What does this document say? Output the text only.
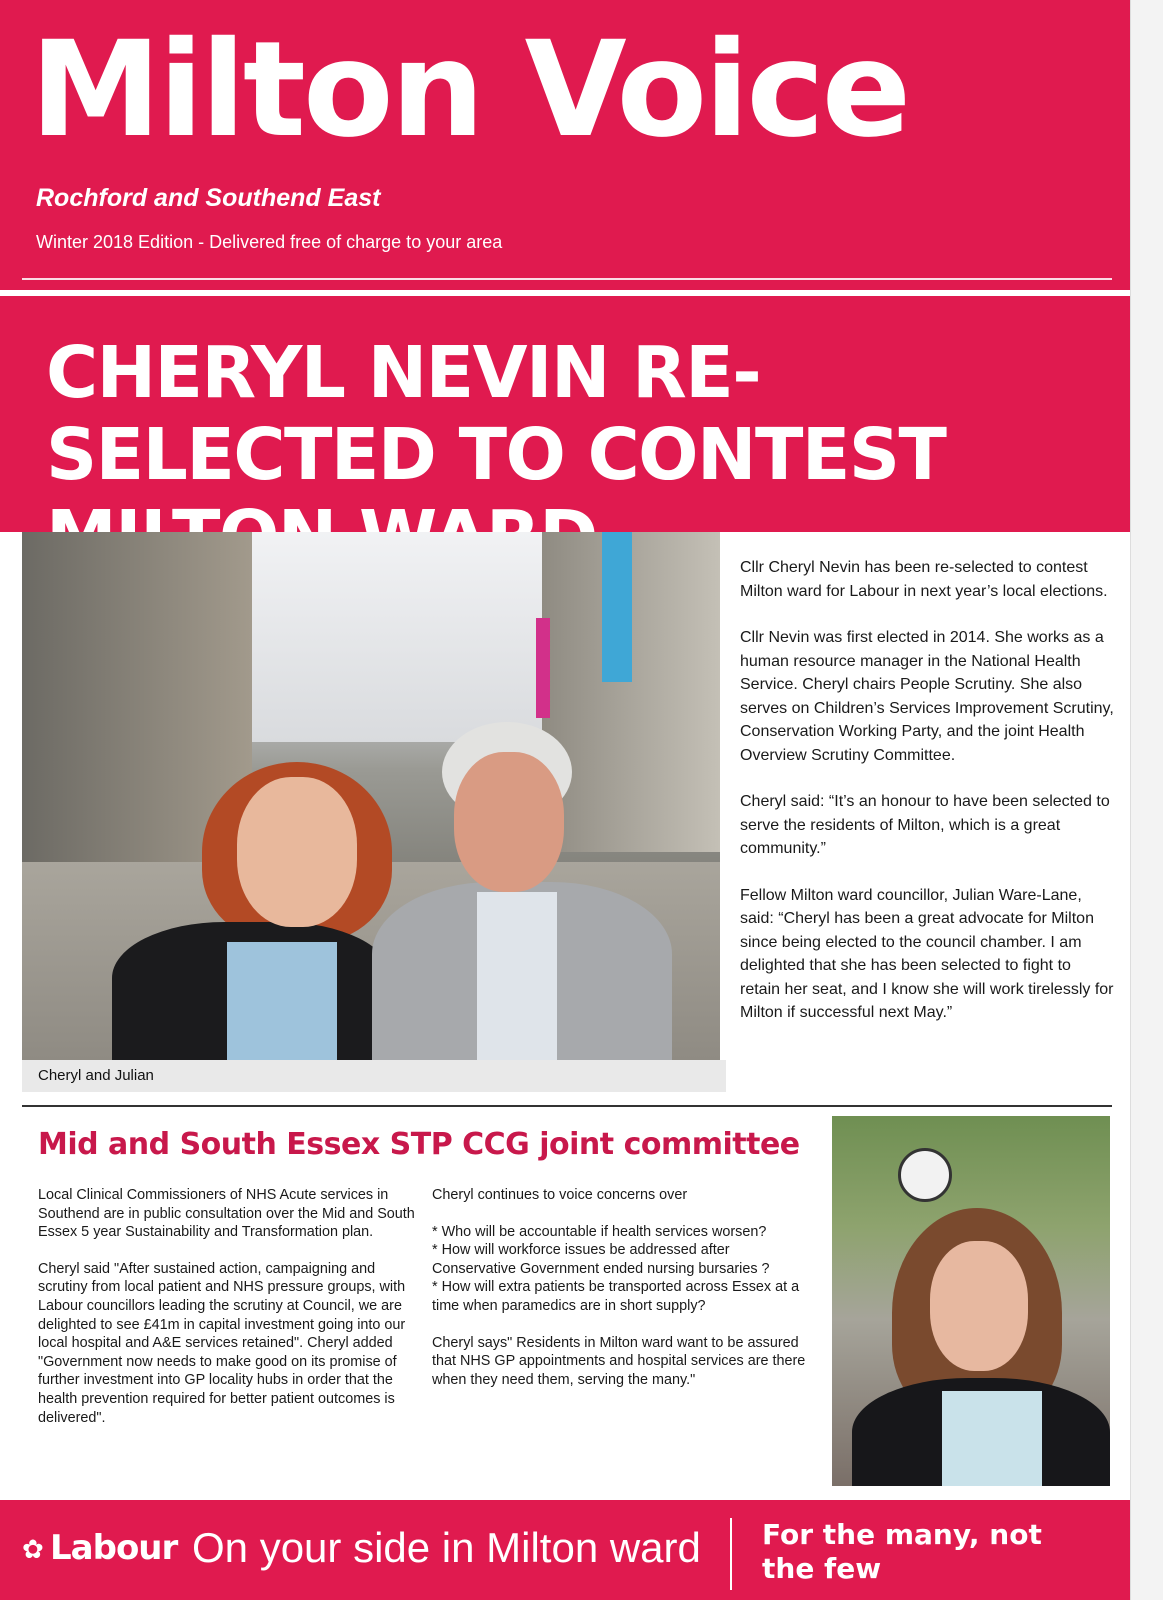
Milton Voice
Rochford and Southend East
Winter 2018 Edition - Delivered free of charge to your area
CHERYL NEVIN RE-SELECTED TO CONTEST
Cheryl and Julian

Cllr Cheryl Nevin has been re-selected to contest Milton ward for Labour in next year’s local elections.

Cllr Nevin was first elected in 2014. She works as a human resource manager in the National Health Service. Cheryl chairs People Scrutiny. She also serves on Children’s Services Improvement Scrutiny, Conservation Working Party, and the joint Health Overview Scrutiny Committee.

Cheryl said: “It’s an honour to have been selected to serve the residents of Milton, which is a great community.”

Fellow Milton ward councillor, Julian Ware-Lane, said: “Cheryl has been a great advocate for Milton since being elected to the council chamber. I am delighted that she has been selected to fight to retain her seat, and I know she will work tirelessly for Milton if successful next May.”

Mid and South Essex STP CCG joint committee

Local Clinical Commissioners of NHS Acute services in Southend are in public consultation over the Mid and South Essex 5 year Sustainability and Transformation plan.

Cheryl said "After sustained action, campaigning and scrutiny from local patient and NHS pressure groups, with Labour councillors leading the scrutiny at Council, we are delighted to see £41m in capital investment going into our local hospital and A&E services retained". Cheryl added "Government now needs to make good on its promise of further investment into GP locality hubs in order that the health prevention required for better patient outcomes is delivered".

Cheryl continues to voice concerns over

* Who will be accountable if health services worsen?
* How will workforce issues be addressed after Conservative Government ended nursing bursaries ?
* How will extra patients be transported across Essex at a time when paramedics are in short supply?

Cheryl says" Residents in Milton ward want to be assured that NHS GP appointments and hospital services are there when they need them, serving the many."

✿ Labour On your side in Milton ward For the many, not the few
